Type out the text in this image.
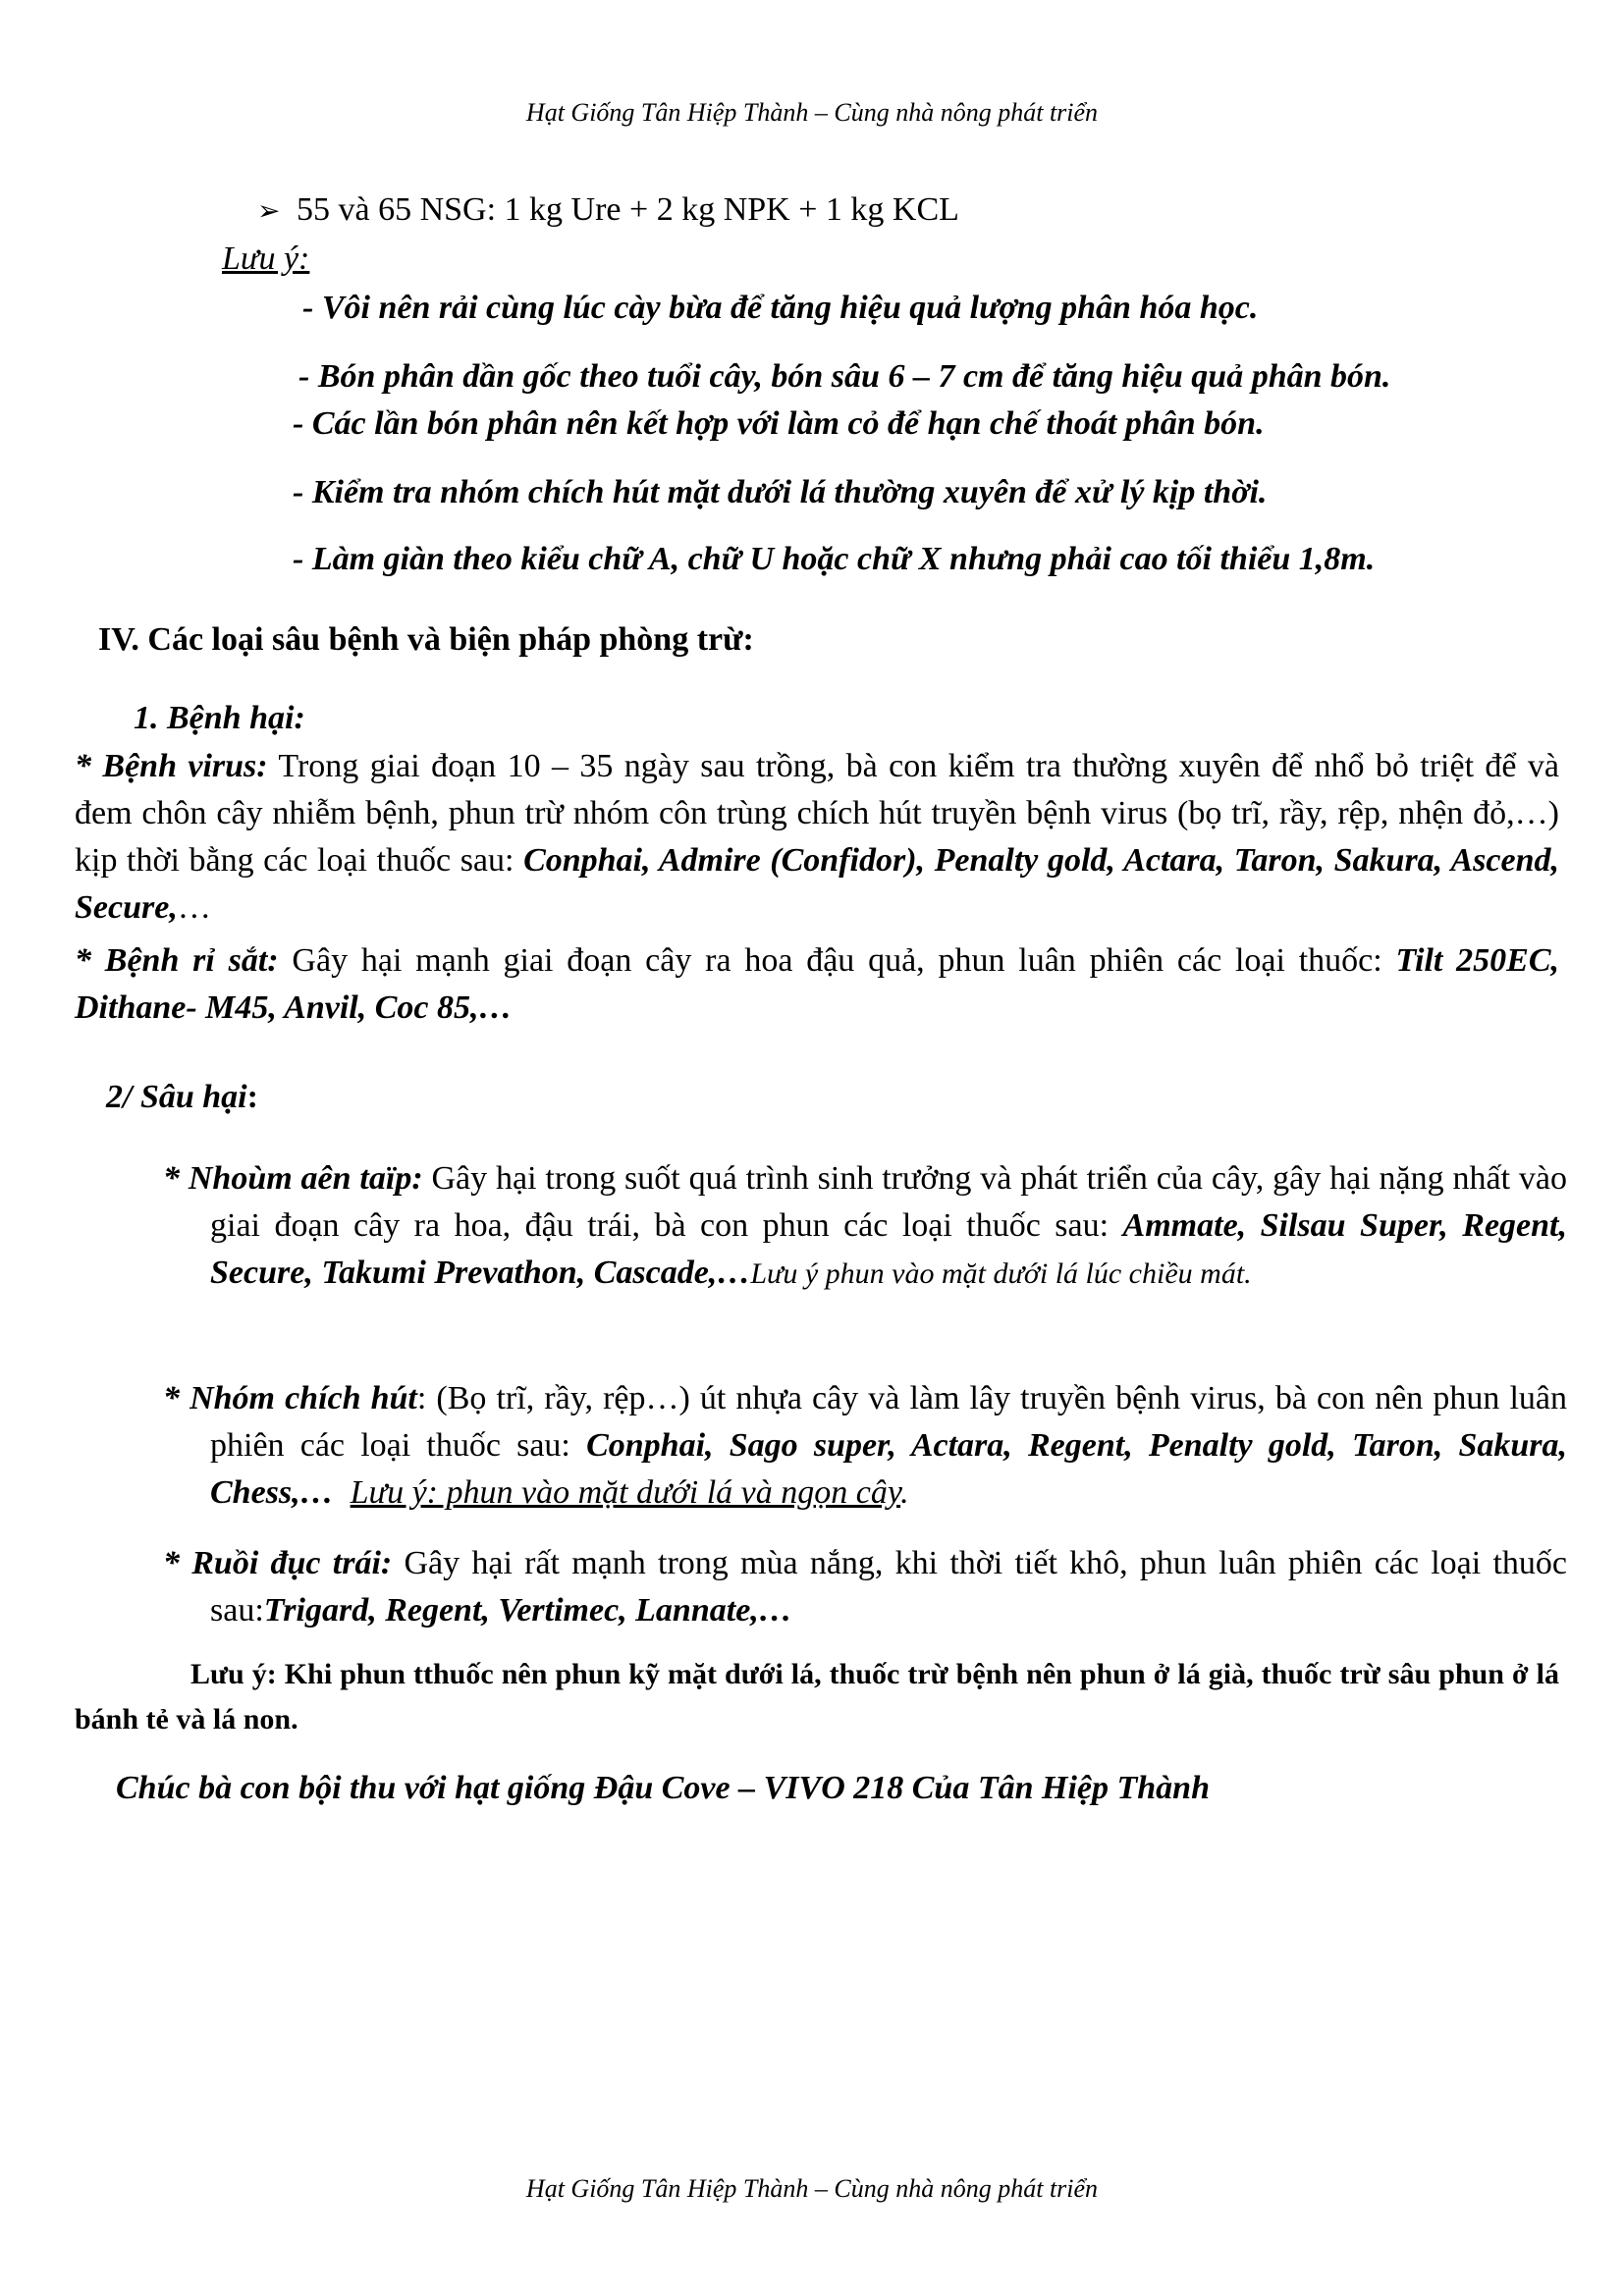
Hạt Giống Tân Hiệp Thành – Cùng nhà nông phát triển

➢ 55 và 65 NSG: 1 kg Ure + 2 kg NPK + 1 kg KCL

Lưu ý:

- Vôi nên rải cùng lúc cày bừa để tăng hiệu quả lượng phân hóa học.

- Bón phân dần gốc theo tuổi cây, bón sâu 6 – 7 cm để tăng hiệu quả phân bón.

- Các lần bón phân nên kết hợp với làm cỏ để hạn chế thoát phân bón.

- Kiểm tra nhóm chích hút mặt dưới lá thường xuyên để xử lý kịp thời.

- Làm giàn theo kiểu chữ A, chữ U hoặc chữ X nhưng phải cao tối thiểu 1,8m.

IV. Các loại sâu bệnh và biện pháp phòng trừ:

1. Bệnh hại:

* Bệnh virus: Trong giai đoạn 10 – 35 ngày sau trồng, bà con kiểm tra thường xuyên để nhổ bỏ triệt để và đem chôn cây nhiễm bệnh, phun trừ nhóm côn trùng chích hút truyền bệnh virus (bọ trĩ, rầy, rệp, nhện đỏ,…) kịp thời bằng các loại thuốc sau: Conphai, Admire (Confidor), Penalty gold, Actara, Taron, Sakura, Ascend, Secure,…

* Bệnh rỉ sắt: Gây hại mạnh giai đoạn cây ra hoa đậu quả, phun luân phiên các loại thuốc: Tilt 250EC, Dithane- M45, Anvil, Coc 85,…

2/ Sâu hại:

* Nhoùm aên taïp: Gây hại trong suốt quá trình sinh trưởng và phát triển của cây, gây hại nặng nhất vào giai đoạn cây ra hoa, đậu trái, bà con phun các loại thuốc sau: Ammate, Silsau Super, Regent, Secure, Takumi Prevathon, Cascade,…Lưu ý phun vào mặt dưới lá lúc chiều mát.

* Nhóm chích hút: (Bọ trĩ, rầy, rệp…) út nhựa cây và làm lây truyền bệnh virus, bà con nên phun luân phiên các loại thuốc sau: Conphai, Sago super, Actara, Regent, Penalty gold, Taron, Sakura, Chess,… Lưu ý: phun vào mặt dưới lá và ngọn cây.

* Ruồi đục trái: Gây hại rất mạnh trong mùa nắng, khi thời tiết khô, phun luân phiên các loại thuốc sau:Trigard, Regent, Vertimec, Lannate,…

Lưu ý: Khi phun tthuốc nên phun kỹ mặt dưới lá, thuốc trừ bệnh nên phun ở lá già, thuốc trừ sâu phun ở lá bánh tẻ và lá non.

Chúc bà con bội thu với hạt giống Đậu Cove – VIVO 218 Của Tân Hiệp Thành

Hạt Giống Tân Hiệp Thành – Cùng nhà nông phát triển
